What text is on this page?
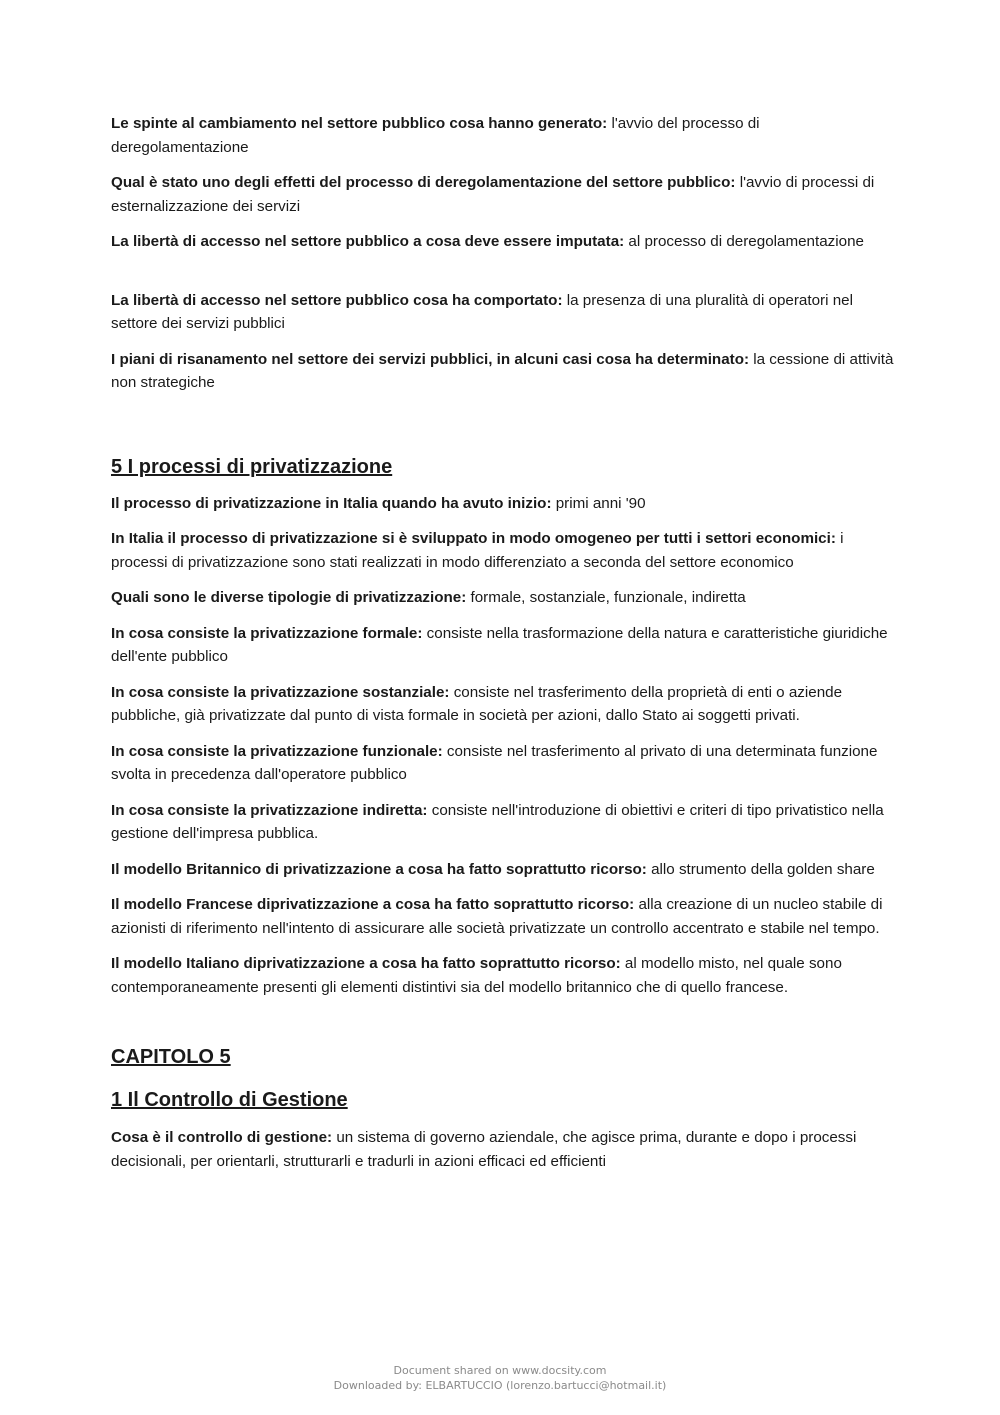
Le spinte al cambiamento nel settore pubblico cosa hanno generato: l'avvio del processo di deregolamentazione

Qual è stato uno degli effetti del processo di deregolamentazione del settore pubblico: l'avvio di processi di esternalizzazione dei servizi

La libertà di accesso nel settore pubblico a cosa deve essere imputata: al processo di deregolamentazione

La libertà di accesso nel settore pubblico cosa ha comportato: la presenza di una pluralità di operatori nel settore dei servizi pubblici

I piani di risanamento nel settore dei servizi pubblici, in alcuni casi cosa ha determinato: la cessione di attività non strategiche

5 I processi di privatizzazione

Il processo di privatizzazione in Italia quando ha avuto inizio: primi anni '90

In Italia il processo di privatizzazione si è sviluppato in modo omogeneo per tutti i settori economici: i processi di privatizzazione sono stati realizzati in modo differenziato a seconda del settore economico

Quali sono le diverse tipologie di privatizzazione: formale, sostanziale, funzionale, indiretta

In cosa consiste la privatizzazione formale: consiste nella trasformazione della natura e caratteristiche giuridiche dell'ente pubblico

In cosa consiste la privatizzazione sostanziale: consiste nel trasferimento della proprietà di enti o aziende pubbliche, già privatizzate dal punto di vista formale in società per azioni, dallo Stato ai soggetti privati.

In cosa consiste la privatizzazione funzionale: consiste nel trasferimento al privato di una determinata funzione svolta in precedenza dall'operatore pubblico

In cosa consiste la privatizzazione indiretta: consiste nell'introduzione di obiettivi e criteri di tipo privatistico nella gestione dell'impresa pubblica.

Il modello Britannico di privatizzazione a cosa ha fatto soprattutto ricorso: allo strumento della golden share

Il modello Francese diprivatizzazione a cosa ha fatto soprattutto ricorso: alla creazione di un nucleo stabile di azionisti di riferimento nell'intento di assicurare alle società privatizzate un controllo accentrato e stabile nel tempo.

Il modello Italiano diprivatizzazione a cosa ha fatto soprattutto ricorso: al modello misto, nel quale sono contemporaneamente presenti gli elementi distintivi sia del modello britannico che di quello francese.

CAPITOLO 5
1 Il Controllo di Gestione

Cosa è il controllo di gestione: un sistema di governo aziendale, che agisce prima, durante e dopo i processi decisionali, per orientarli, strutturarli e tradurli in azioni efficaci ed efficienti

Document shared on www.docsity.com
Downloaded by: ELBARTUCCIO (lorenzo.bartucci@hotmail.it)
